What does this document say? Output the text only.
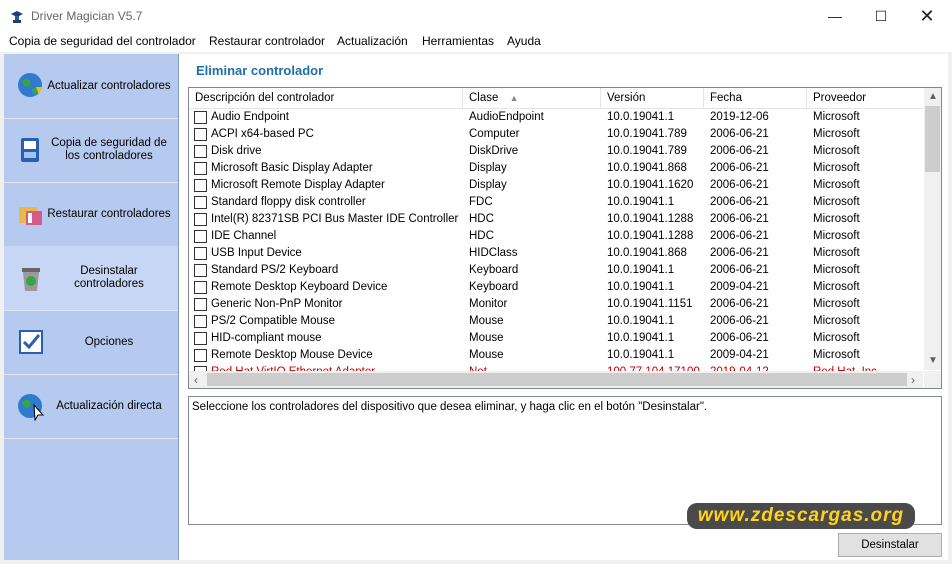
Driver Magician V5.7	—	☐	✕
Copia de seguridad del controlador Restaurar controlador Actualización Herramientas Ayuda
Actualizar controladores
Copia de seguridad de los controladores
Restaurar controladores
Desinstalar controladores
Opciones
Actualización directa
Eliminar controlador
Descripción del controlador	Clase ▲	Versión	Fecha	Proveedor
Audio Endpoint	AudioEndpoint	10.0.19041.1	2019-12-06	Microsoft
ACPI x64-based PC	Computer	10.0.19041.789	2006-06-21	Microsoft
Disk drive	DiskDrive	10.0.19041.789	2006-06-21	Microsoft
Microsoft Basic Display Adapter	Display	10.0.19041.868	2006-06-21	Microsoft
Microsoft Remote Display Adapter	Display	10.0.19041.1620	2006-06-21	Microsoft
Standard floppy disk controller	FDC	10.0.19041.1	2006-06-21	Microsoft
Intel(R) 82371SB PCI Bus Master IDE Controller HDC	10.0.19041.1288	2006-06-21	Microsoft
IDE Channel	HDC	10.0.19041.1288	2006-06-21	Microsoft
USB Input Device	HIDClass	10.0.19041.868	2006-06-21	Microsoft
Standard PS/2 Keyboard	Keyboard	10.0.19041.1	2006-06-21	Microsoft
Remote Desktop Keyboard Device	Keyboard	10.0.19041.1	2009-04-21	Microsoft
Generic Non-PnP Monitor	Monitor	10.0.19041.1151	2006-06-21	Microsoft
PS/2 Compatible Mouse	Mouse	10.0.19041.1	2006-06-21	Microsoft
HID-compliant mouse	Mouse	10.0.19041.1	2006-06-21	Microsoft
Remote Desktop Mouse Device	Mouse	10.0.19041.1	2009-04-21	Microsoft
▲
▼
‹	›
Seleccione los controladores del dispositivo que desea eliminar, y haga clic en el botón "Desinstalar".
www.zdescargas.org
Desinstalar
